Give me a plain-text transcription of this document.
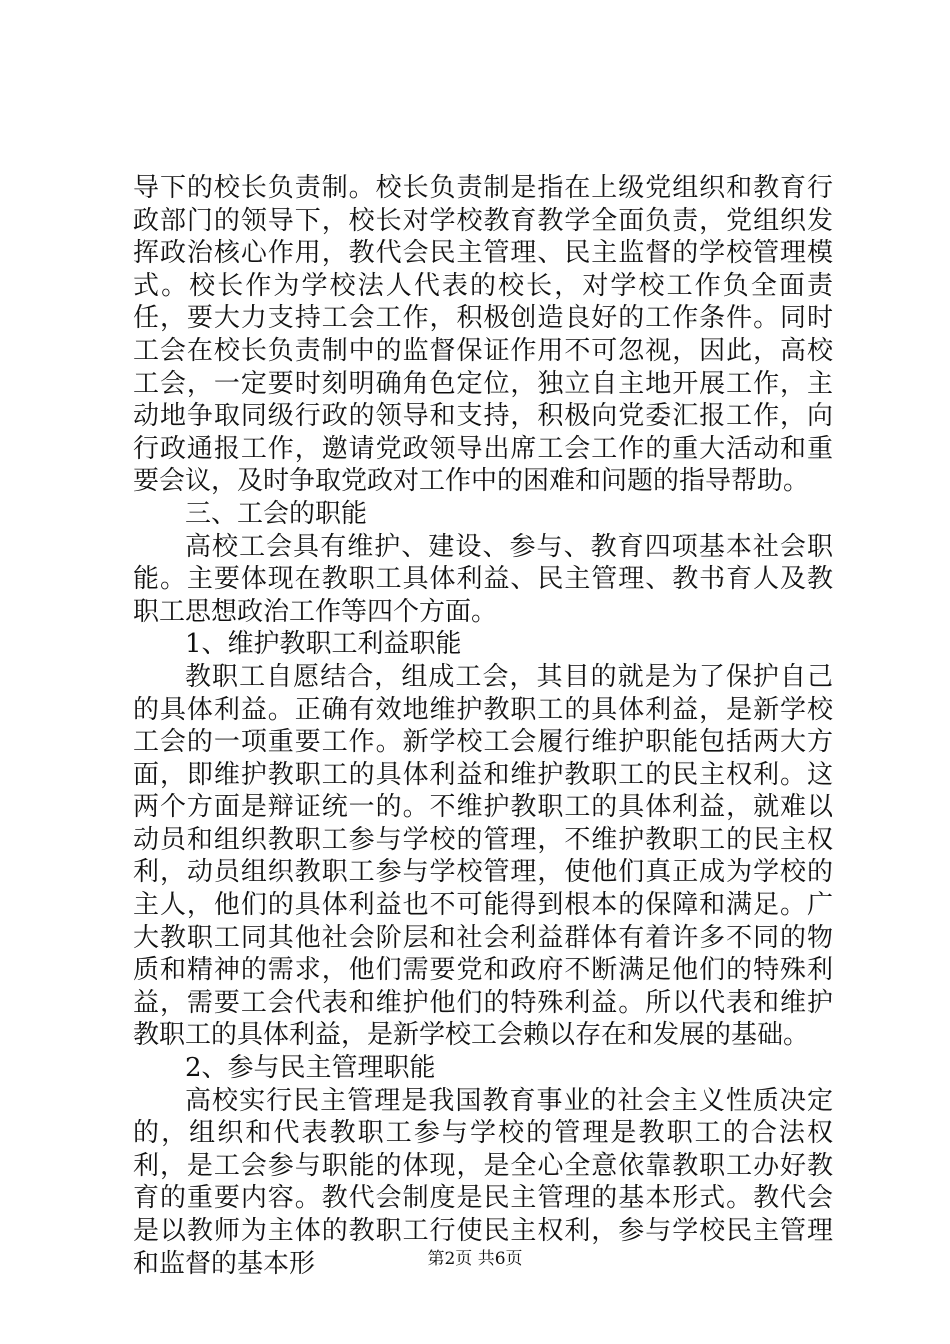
导下的校长负责制。校长负责制是指在上级党组织和教育行政部门的领导下，校长对学校教育教学全面负责，党组织发挥政治核心作用，教代会民主管理、民主监督的学校管理模式。校长作为学校法人代表的校长，对学校工作负全面责任，要大力支持工会工作，积极创造良好的工作条件。同时工会在校长负责制中的监督保证作用不可忽视，因此，高校工会，一定要时刻明确角色定位，独立自主地开展工作，主动地争取同级行政的领导和支持，积极向党委汇报工作，向行政通报工作，邀请党政领导出席工会工作的重大活动和重要会议，及时争取党政对工作中的困难和问题的指导帮助。

三、工会的职能

高校工会具有维护、建设、参与、教育四项基本社会职能。主要体现在教职工具体利益、民主管理、教书育人及教职工思想政治工作等四个方面。

1、维护教职工利益职能

教职工自愿结合，组成工会，其目的就是为了保护自己的具体利益。正确有效地维护教职工的具体利益，是新学校工会的一项重要工作。新学校工会履行维护职能包括两大方面，即维护教职工的具体利益和维护教职工的民主权利。这两个方面是辩证统一的。不维护教职工的具体利益，就难以动员和组织教职工参与学校的管理，不维护教职工的民主权利，动员组织教职工参与学校管理，使他们真正成为学校的主人，他们的具体利益也不可能得到根本的保障和满足。广大教职工同其他社会阶层和社会利益群体有着许多不同的物质和精神的需求，他们需要党和政府不断满足他们的特殊利益，需要工会代表和维护他们的特殊利益。所以代表和维护教职工的具体利益，是新学校工会赖以存在和发展的基础。

2、参与民主管理职能

高校实行民主管理是我国教育事业的社会主义性质决定的，组织和代表教职工参与学校的管理是教职工的合法权利，是工会参与职能的体现，是全心全意依靠教职工办好教育的重要内容。教代会制度是民主管理的基本形式。教代会是以教师为主体的教职工行使民主权利，参与学校民主管理和监督的基本形	第2页 共6页
